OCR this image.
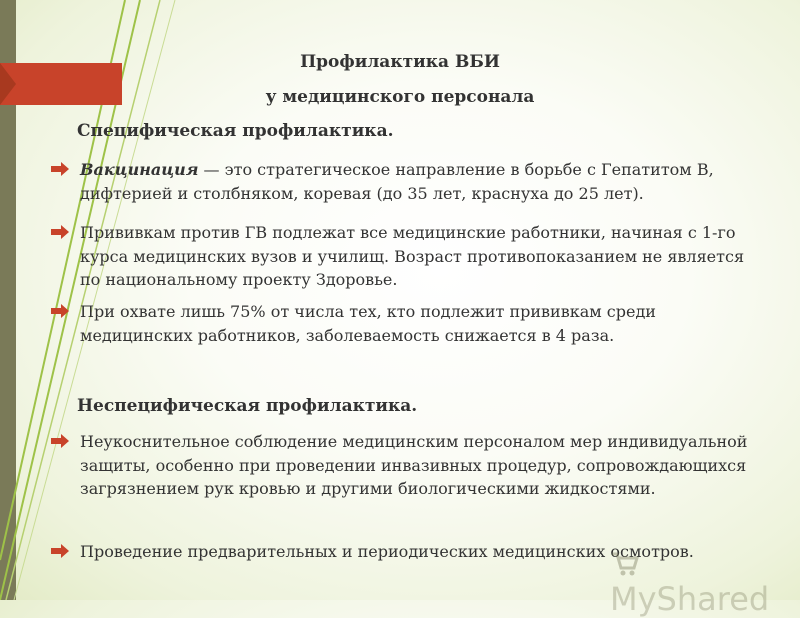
Профилактика ВБИ
у медицинского персонала
Специфическая профилактика.
Вакцинация — это стратегическое направление в борьбе с Гепатитом В, дифтерией и столбняком, коревая (до 35 лет, краснуха до 25 лет).
Прививкам против ГВ подлежат все медицинские работники, начиная с 1-го курса медицинских вузов и училищ. Возраст противопоказанием не является по национальному проекту Здоровье.
При охвате лишь 75% от числа тех, кто подлежит прививкам среди медицинских работников, заболеваемость снижается в 4 раза.
Неспецифическая профилактика.
Неукоснительное соблюдение медицинским персоналом мер индивидуальной защиты, особенно при проведении инвазивных процедур, сопровождающихся загрязнением рук кровью и другими биологическими жидкостями.
Проведение предварительных и периодических медицинских осмотров.
MyShared
